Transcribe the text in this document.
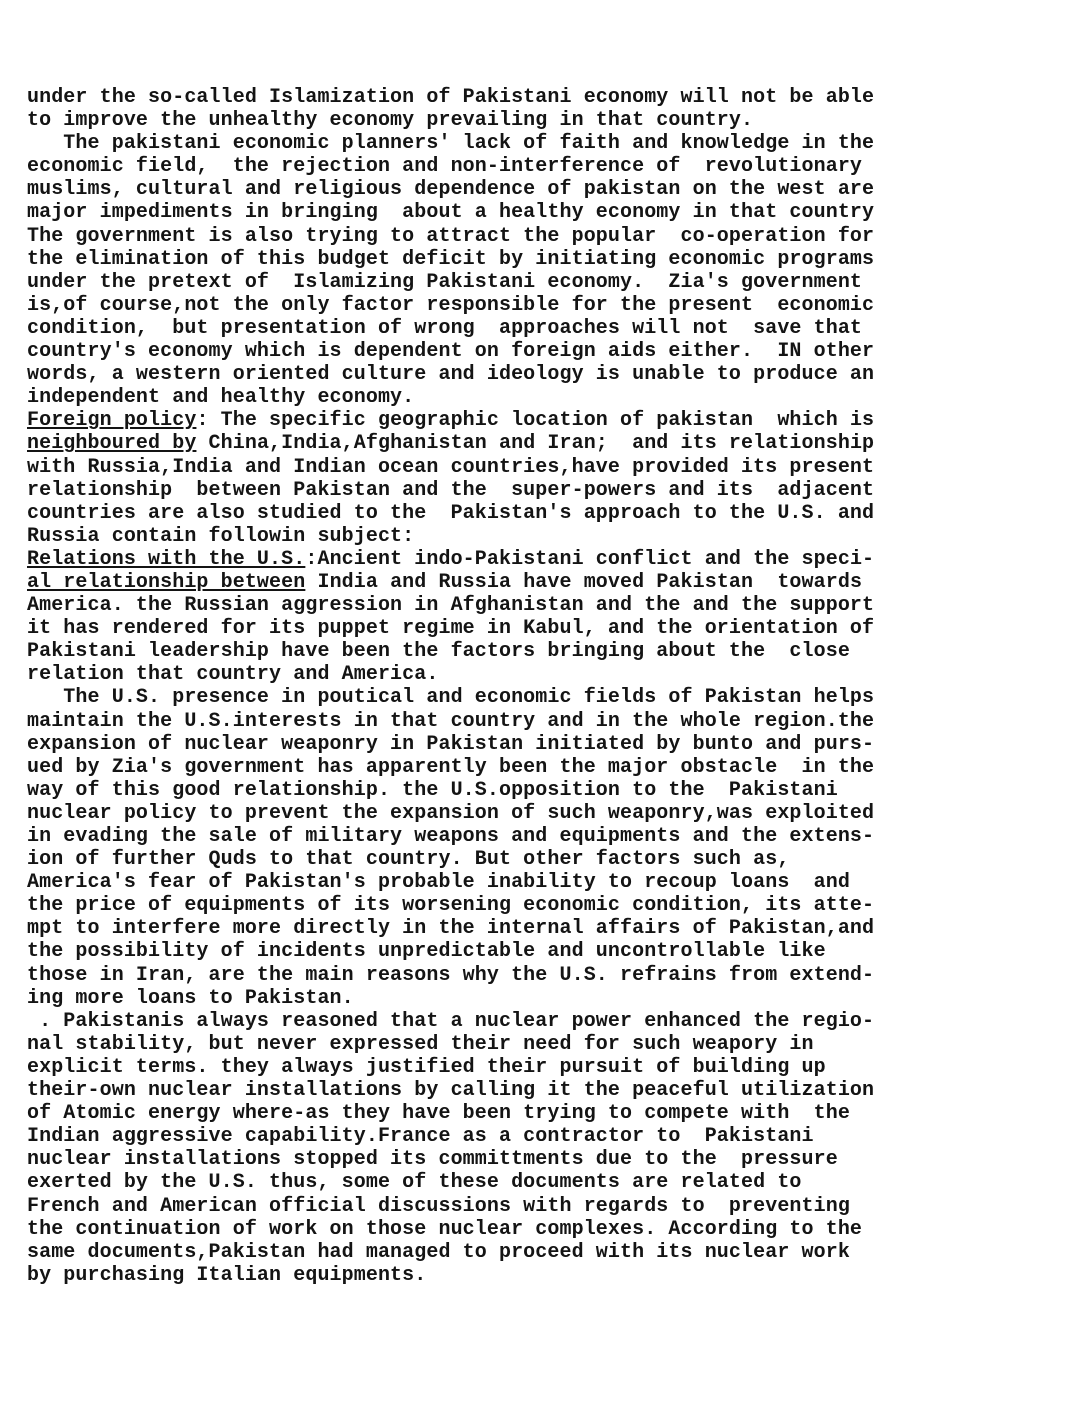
under the so-called Islamization of Pakistani economy will not be able
to improve the unhealthy economy prevailing in that country.
The pakistani economic planners' lack of faith and knowledge in the
economic field,  the rejection and non-interference of  revolutionary
muslims, cultural and religious dependence of pakistan on the west are
major impediments in bringing  about a healthy economy in that country
The government is also trying to attract the popular  co-operation for
the elimination of this budget deficit by initiating economic programs
under the pretext of  Islamizing Pakistani economy.  Zia's government
is,of course,not the only factor responsible for the present  economic
condition,  but presentation of wrong  approaches will not  save that
country's economy which is dependent on foreign aids either.  IN other
words, a western oriented culture and ideology is unable to produce an
independent and healthy economy.
Foreign policy: The specific geographic location of pakistan  which is
neighboured by China,India,Afghanistan and Iran;  and its relationship
with Russia,India and Indian ocean countries,have provided its present
relationship  between Pakistan and the  super-powers and its  adjacent
countries are also studied to the  Pakistan's approach to the U.S. and
Russia contain followin subject:
Relations with the U.S.:Ancient indo-Pakistani conflict and the speci-
al relationship between India and Russia have moved Pakistan  towards
America. the Russian aggression in Afghanistan and the and the support
it has rendered for its puppet regime in Kabul, and the orientation of
Pakistani leadership have been the factors bringing about the  close
relation that country and America.
The U.S. presence in poutical and economic fields of Pakistan helps
maintain the U.S.interests in that country and in the whole region.the
expansion of nuclear weaponry in Pakistan initiated by bunto and purs-
ued by Zia's government has apparently been the major obstacle  in the
way of this good relationship. the U.S.opposition to the  Pakistani
nuclear policy to prevent the expansion of such weaponry,was exploited
in evading the sale of military weapons and equipments and the extens-
ion of further Quds to that country. But other factors such as,
America's fear of Pakistan's probable inability to recoup loans  and
the price of equipments of its worsening economic condition, its atte-
mpt to interfere more directly in the internal affairs of Pakistan,and
the possibility of incidents unpredictable and uncontrollable like
those in Iran, are the main reasons why the U.S. refrains from extend-
ing more loans to Pakistan.
. Pakistanis always reasoned that a nuclear power enhanced the regio-
nal stability, but never expressed their need for such weapory in
explicit terms. they always justified their pursuit of building up
their-own nuclear installations by calling it the peaceful utilization
of Atomic energy where-as they have been trying to compete with  the
Indian aggressive capability.France as a contractor to  Pakistani
nuclear installations stopped its committments due to the  pressure
exerted by the U.S. thus, some of these documents are related to
French and American official discussions with regards to  preventing
the continuation of work on those nuclear complexes. According to the
same documents,Pakistan had managed to proceed with its nuclear work
by purchasing Italian equipments.
